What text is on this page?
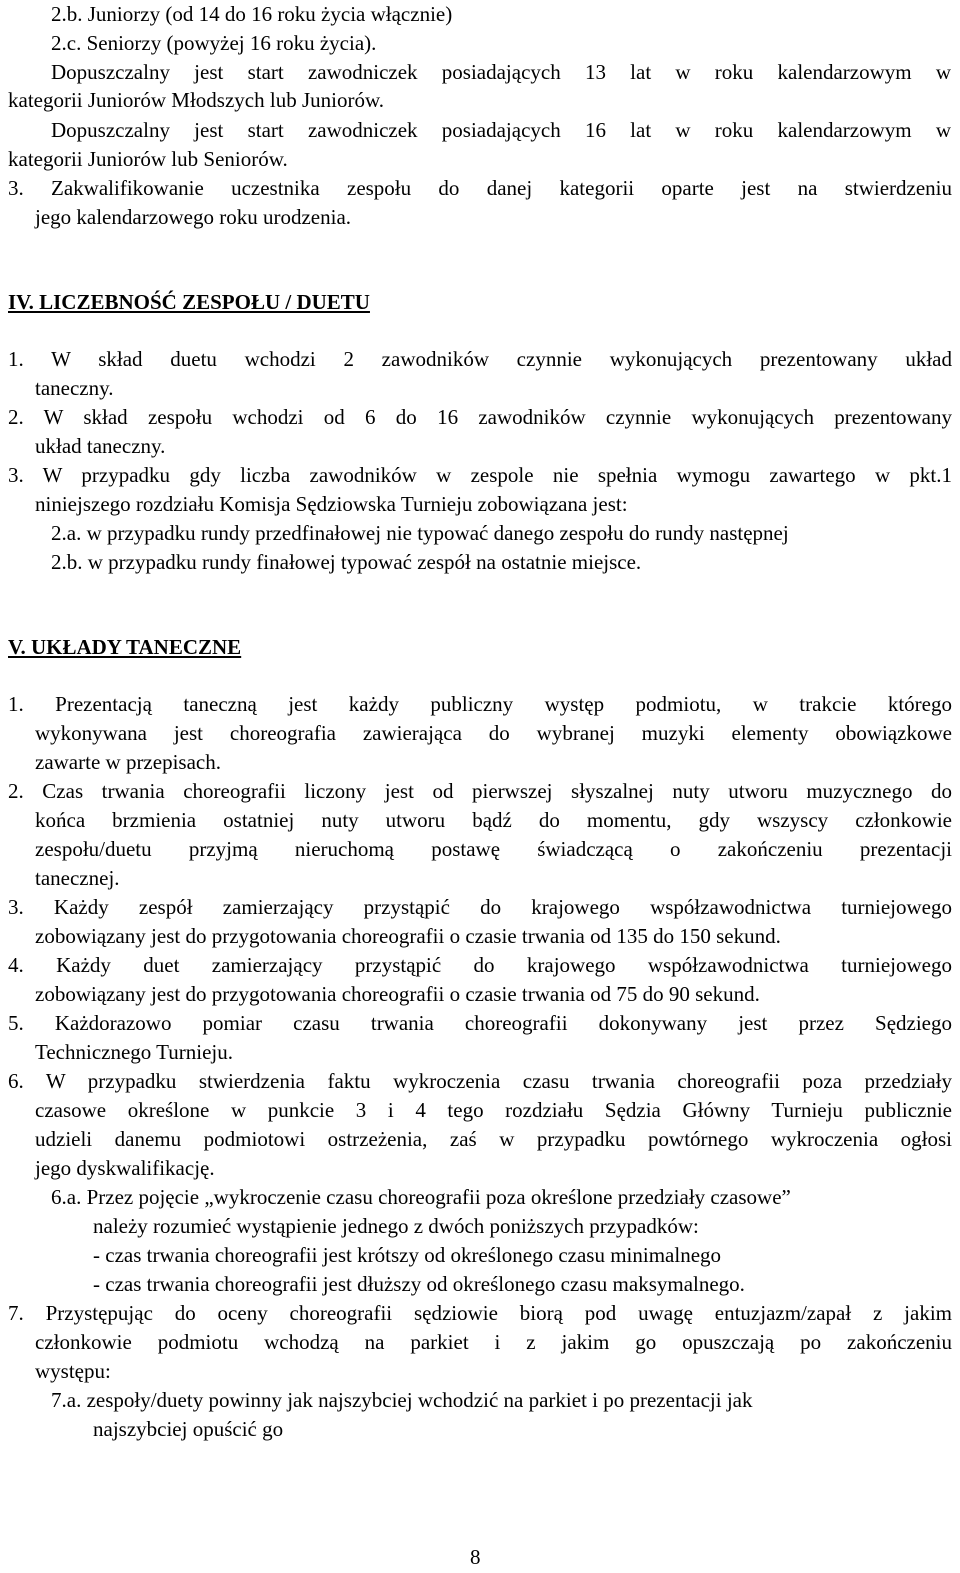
2.b. Juniorzy (od 14 do 16 roku życia włącznie)
2.c. Seniorzy (powyżej 16 roku życia).
Dopuszczalny jest start zawodniczek posiadających 13 lat w roku kalendarzowym w
kategorii Juniorów Młodszych lub Juniorów.
Dopuszczalny jest start zawodniczek posiadających 16 lat w roku kalendarzowym w
kategorii Juniorów lub Seniorów.
3. Zakwalifikowanie uczestnika zespołu do danej kategorii oparte jest na stwierdzeniu
jego kalendarzowego roku urodzenia.
IV. LICZEBNOŚĆ ZESPOŁU / DUETU
1. W skład duetu wchodzi 2 zawodników czynnie wykonujących prezentowany układ
taneczny.
2. W skład zespołu wchodzi od 6 do 16 zawodników czynnie wykonujących prezentowany
układ taneczny.
3. W przypadku gdy liczba zawodników w zespole nie spełnia wymogu zawartego w pkt.1
niniejszego rozdziału Komisja Sędziowska Turnieju zobowiązana jest:
2.a. w przypadku rundy przedfinałowej nie typować danego zespołu do rundy następnej
2.b. w przypadku rundy finałowej typować zespół na ostatnie miejsce.
V. UKŁADY TANECZNE
1. Prezentacją taneczną jest każdy publiczny występ podmiotu, w trakcie którego
wykonywana jest choreografia zawierająca do wybranej muzyki elementy obowiązkowe
zawarte w przepisach.
2. Czas trwania choreografii liczony jest od pierwszej słyszalnej nuty utworu muzycznego do
końca brzmienia ostatniej nuty utworu bądź do momentu, gdy wszyscy członkowie
zespołu/duetu przyjmą nieruchomą postawę świadczącą o zakończeniu prezentacji
tanecznej.
3. Każdy zespół zamierzający przystąpić do krajowego współzawodnictwa turniejowego
zobowiązany jest do przygotowania choreografii o czasie trwania od 135 do 150 sekund.
4. Każdy duet zamierzający przystąpić do krajowego współzawodnictwa turniejowego
zobowiązany jest do przygotowania choreografii o czasie trwania od 75 do 90 sekund.
5. Każdorazowo pomiar czasu trwania choreografii dokonywany jest przez Sędziego
Technicznego Turnieju.
6. W przypadku stwierdzenia faktu wykroczenia czasu trwania choreografii poza przedziały
czasowe określone w punkcie 3 i 4 tego rozdziału Sędzia Główny Turnieju publicznie
udzieli danemu podmiotowi ostrzeżenia, zaś w przypadku powtórnego wykroczenia ogłosi
jego dyskwalifikację.
6.a. Przez pojęcie „wykroczenie czasu choreografii poza określone przedziały czasowe”
należy rozumieć wystąpienie jednego z dwóch poniższych przypadków:
- czas trwania choreografii jest krótszy od określonego czasu minimalnego
- czas trwania choreografii jest dłuższy od określonego czasu maksymalnego.
7. Przystępując do oceny choreografii sędziowie biorą pod uwagę entuzjazm/zapał z jakim
członkowie podmiotu wchodzą na parkiet i z jakim go opuszczają po zakończeniu
występu:
7.a. zespoły/duety powinny jak najszybciej wchodzić na parkiet i po prezentacji jak
najszybciej opuścić go
8
